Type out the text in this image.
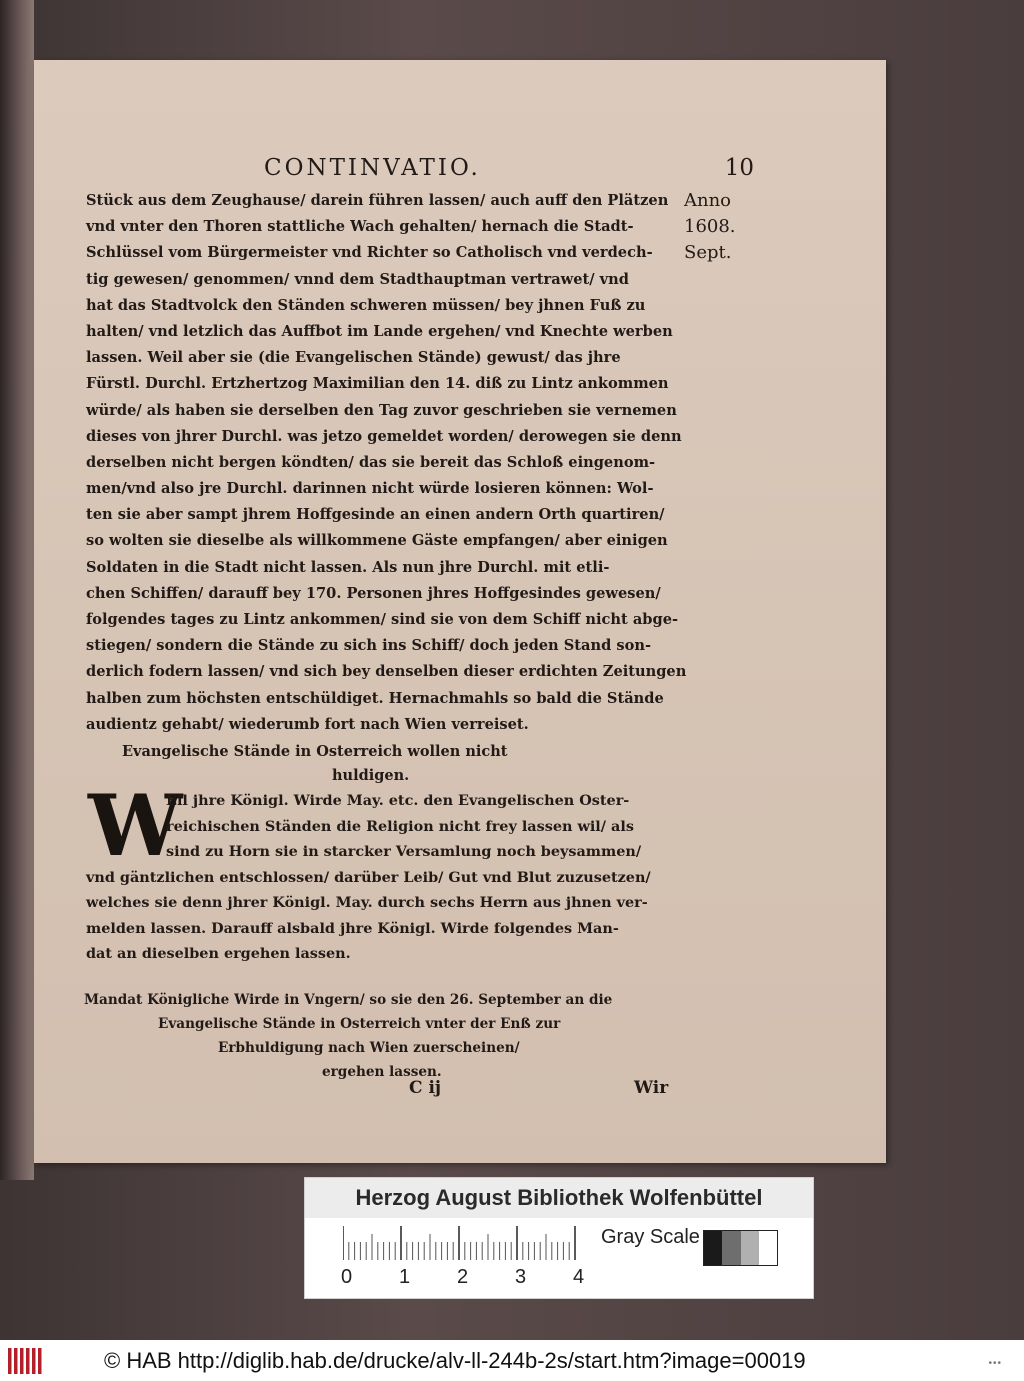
CONTINVATIO.	10
Anno
1608.
Sept.
Stück aus dem Zeughause/ darein führen lassen/ auch auff den Plätzen
vnd vnter den Thoren stattliche Wach gehalten/ hernach die Stadt-
Schlüssel vom Bürgermeister vnd Richter so Catholisch vnd verdech-
tig gewesen/ genommen/ vnnd dem Stadthauptman vertrawet/ vnd
hat das Stadtvolck den Ständen schweren müssen/ bey jhnen Fuß zu
halten/ vnd letzlich das Auffbot im Lande ergehen/ vnd Knechte werben
lassen. Weil aber sie (die Evangelischen Stände) gewust/ das jhre
Fürstl. Durchl. Ertzhertzog Maximilian den 14. diß zu Lintz ankommen
würde/ als haben sie derselben den Tag zuvor geschrieben sie vernemen
dieses von jhrer Durchl. was jetzo gemeldet worden/ derowegen sie denn
derselben nicht bergen köndten/ das sie bereit das Schloß eingenom-
men/vnd also jre Durchl. darinnen nicht würde losieren können: Wol-
ten sie aber sampt jhrem Hoffgesinde an einen andern Orth quartiren/
so wolten sie dieselbe als willkommene Gäste empfangen/ aber einigen
Soldaten in die Stadt nicht lassen. Als nun jhre Durchl. mit etli-
chen Schiffen/ darauff bey 170. Personen jhres Hoffgesindes gewesen/
folgendes tages zu Lintz ankommen/ sind sie von dem Schiff nicht abge-
stiegen/ sondern die Stände zu sich ins Schiff/ doch jeden Stand son-
derlich fodern lassen/ vnd sich bey denselben dieser erdichten Zeitungen
halben zum höchsten entschüldiget. Hernachmahls so bald die Stände
audientz gehabt/ wiederumb fort nach Wien verreiset.
Evangelische Stände in Osterreich wollen nicht
huldigen.
W
Eil jhre Königl. Wirde May. etc. den Evangelischen Oster-
reichischen Ständen die Religion nicht frey lassen wil/ als
sind zu Horn sie in starcker Versamlung noch beysammen/
vnd gäntzlichen entschlossen/ darüber Leib/ Gut vnd Blut zuzusetzen/
welches sie denn jhrer Königl. May. durch sechs Herrn aus jhnen ver-
melden lassen. Darauff alsbald jhre Königl. Wirde folgendes Man-
dat an dieselben ergehen lassen.
Mandat Königliche Wirde in Vngern/ so sie den 26. September an die
Evangelische Stände in Osterreich vnter der Enß zur
Erbhuldigung nach Wien zuerscheinen/
ergehen lassen.
C ij	Wir
Herzog August Bibliothek Wolfenbüttel
0 1 2 3 4
Gray Scale
© HAB http://diglib.hab.de/drucke/alv-ll-244b-2s/start.htm?image=00019	•••
